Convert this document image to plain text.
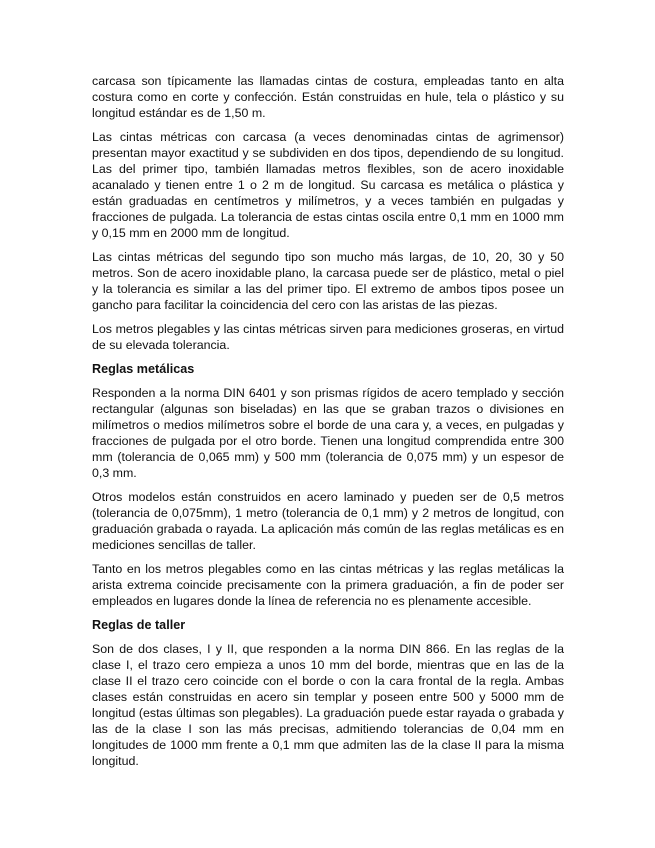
carcasa son típicamente las llamadas cintas de costura, empleadas tanto en alta costura como en corte y confección. Están construidas en hule, tela o plástico y su longitud estándar es de 1,50 m.

Las cintas métricas con carcasa (a veces denominadas cintas de agrimensor) presentan mayor exactitud y se subdividen en dos tipos, dependiendo de su longitud. Las del primer tipo, también llamadas metros flexibles, son de acero inoxidable acanalado y tienen entre 1 o 2 m de longitud. Su carcasa es metálica o plástica y están graduadas en centímetros y milímetros, y a veces también en pulgadas y fracciones de pulgada. La tolerancia de estas cintas oscila entre 0,1 mm en 1000 mm y 0,15 mm en 2000 mm de longitud.

Las cintas métricas del segundo tipo son mucho más largas, de 10, 20, 30 y 50 metros. Son de acero inoxidable plano, la carcasa puede ser de plástico, metal o piel y la tolerancia es similar a las del primer tipo. El extremo de ambos tipos posee un gancho para facilitar la coincidencia del cero con las aristas de las piezas.

Los metros plegables y las cintas métricas sirven para mediciones groseras, en virtud de su elevada tolerancia.

Reglas metálicas

Responden a la norma DIN 6401 y son prismas rígidos de acero templado y sección rectangular (algunas son biseladas) en las que se graban trazos o divisiones en milímetros o medios milímetros sobre el borde de una cara y, a veces, en pulgadas y fracciones de pulgada por el otro borde. Tienen una longitud comprendida entre 300 mm (tolerancia de 0,065 mm) y 500 mm (tolerancia de 0,075 mm) y un espesor de 0,3 mm.

Otros modelos están construidos en acero laminado y pueden ser de 0,5 metros (tolerancia de 0,075mm), 1 metro (tolerancia de 0,1 mm) y 2 metros de longitud, con graduación grabada o rayada. La aplicación más común de las reglas metálicas es en mediciones sencillas de taller.

Tanto en los metros plegables como en las cintas métricas y las reglas metálicas la arista extrema coincide precisamente con la primera graduación, a fin de poder ser empleados en lugares donde la línea de referencia no es plenamente accesible.

Reglas de taller

Son de dos clases, I y II, que responden a la norma DIN 866. En las reglas de la clase I, el trazo cero empieza a unos 10 mm del borde, mientras que en las de la clase II el trazo cero coincide con el borde o con la cara frontal de la regla. Ambas clases están construidas en acero sin templar y poseen entre 500 y 5000 mm de longitud (estas últimas son plegables). La graduación puede estar rayada o grabada y las de la clase I son las más precisas, admitiendo tolerancias de 0,04 mm en longitudes de 1000 mm frente a 0,1 mm que admiten las de la clase II para la misma longitud.
